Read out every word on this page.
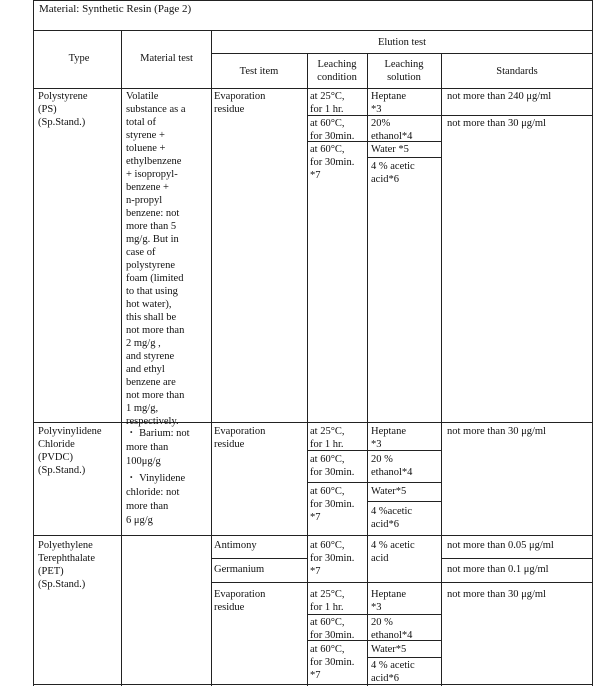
Material: Synthetic Resin (Page 2)
Type	Material test
Elution test
Test item
Leaching
condition
Leaching
solution
Standards
Polystyrene
(PS)
(Sp.Stand.)
Volatile
substance as a
total of
styrene +
toluene +
ethylbenzene
+ isopropyl-
benzene +
n-propyl
benzene: not
more than 5
mg/g. But in
case of
polystyrene
foam (limited
to that using
hot water),
this shall be
not more than
2 mg/g ,
and styrene
and ethyl
benzene are
not more than
1 mg/g,
respectively.
Evaporation
residue
at 25°C,
for 1 hr.
Heptane
*3
not more than 240 μg/ml
at 60°C,
for 30min.
20%
ethanol*4
not more than 30 μg/ml
at 60°C,
for 30min.
*7
Water *5
4 % acetic
acid*6
Polyvinylidene
Chloride
(PVDC)
(Sp.Stand.)
・ Barium: not
more than
100μg/g
・ Vinylidene
chloride: not
more than
6 μg/g
Evaporation
residue
at 25°C,
for 1 hr.
Heptane
*3
not more than 30 μg/ml
at 60°C,
for 30min.
20 %
ethanol*4
at 60°C,
for 30min.
*7
Water*5
4 %acetic
acid*6
Polyethylene
Terephthalate
(PET)
(Sp.Stand.)
Antimony
Germanium
at 60°C,
for 30min.
*7
4 % acetic
acid
not more than 0.05 μg/ml
not more than 0.1 μg/ml
Evaporation
residue
at 25°C,
for 1 hr.
Heptane
*3
not more than 30 μg/ml
at 60°C,
for 30min.
20 %
ethanol*4
at 60°C,
for 30min.
*7
Water*5
4 % acetic
acid*6
